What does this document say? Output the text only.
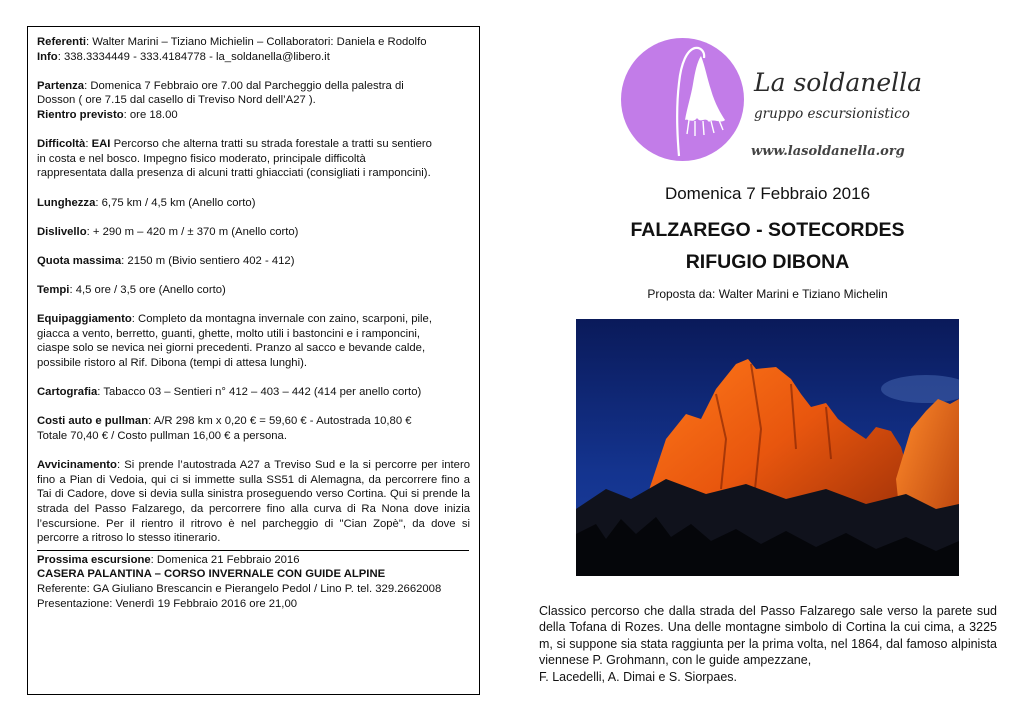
Referenti: Walter Marini – Tiziano Michielin – Collaboratori: Daniela e Rodolfo

Info: 338.3334449 - 333.4184778 - la_soldanella@libero.it

Partenza: Domenica 7 Febbraio ore 7.00 dal Parcheggio della palestra di

Dosson ( ore 7.15 dal casello di Treviso Nord dell’A27 ).

Rientro previsto: ore 18.00

Difficoltà: EAI Percorso che alterna tratti su strada forestale a tratti su sentiero

in costa e nel bosco. Impegno fisico moderato, principale difficoltà

rappresentata dalla presenza di alcuni tratti ghiacciati (consigliati i ramponcini).

Lunghezza: 6,75 km / 4,5 km (Anello corto)

Dislivello: + 290 m – 420 m / ± 370 m (Anello corto)

Quota massima: 2150 m (Bivio sentiero 402 - 412)

Tempi: 4,5 ore / 3,5 ore (Anello corto)

Equipaggiamento: Completo da montagna invernale con zaino, scarponi, pile,

giacca a vento, berretto, guanti, ghette, molto utili i bastoncini e i ramponcini,

ciaspe solo se nevica nei giorni precedenti. Pranzo al sacco e bevande calde,

possibile ristoro al Rif. Dibona (tempi di attesa lunghi).

Cartografia: Tabacco 03 – Sentieri n° 412 – 403 – 442 (414 per anello corto)

Costi auto e pullman: A/R 298 km x 0,20 € = 59,60 € - Autostrada 10,80 €

Totale 70,40 € / Costo pullman 16,00 € a persona.

Avvicinamento: Si prende l’autostrada A27 a Treviso Sud e la si percorre per intero fino a Pian di Vedoia, qui ci si immette sulla SS51 di Alemagna, da percorrere fino a Tai di Cadore, dove si devia sulla sinistra proseguendo verso Cortina. Qui si prende la strada del Passo Falzarego, da percorrere fino alla curva di Ra Nona dove inizia l’escursione. Per il rientro il ritrovo è nel parcheggio di "Cian Zopè", da dove si percorre a ritroso lo stesso itinerario.

Prossima escursione: Domenica 21 Febbraio 2016

CASERA PALANTINA – CORSO INVERNALE CON GUIDE ALPINE

Referente: GA Giuliano Brescancin e Pierangelo Pedol / Lino P. tel. 329.2662008

Presentazione: Venerdì 19 Febbraio 2016 ore 21,00

La soldanella
gruppo escursionistico
www.lasoldanella.org
Domenica 7 Febbraio 2016
FALZAREGO - SOTECORDES
RIFUGIO DIBONA
Proposta da: Walter Marini e Tiziano Michelin

Classico percorso che dalla strada del Passo Falzarego sale verso la parete sud della Tofana di Rozes. Una delle montagne simbolo di Cortina la cui cima, a 3225 m, si suppone sia stata raggiunta per la prima volta, nel 1864, dal famoso alpinista viennese P. Grohmann, con le guide ampezzane,

F. Lacedelli, A. Dimai e S. Siorpaes.
